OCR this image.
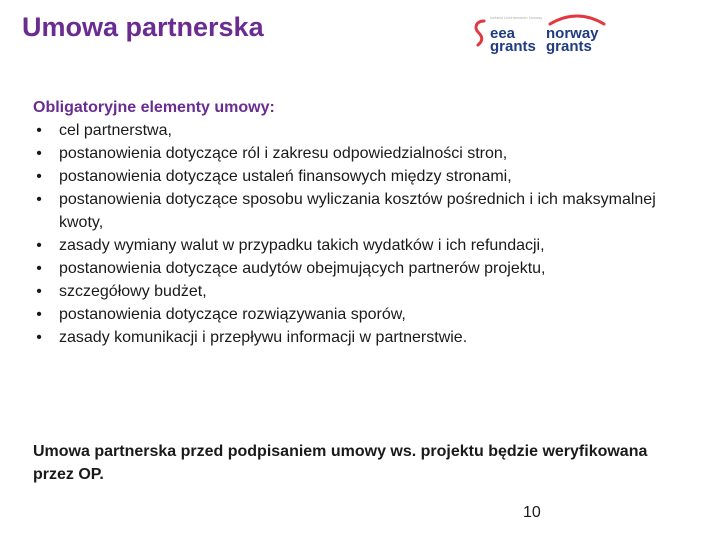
Umowa partnerska	Iceland Liechtenstein Norway
eea
grants
norway
grants
Obligatoryjne elementy umowy:
• cel partnerstwa,
• postanowienia dotyczące ról i zakresu odpowiedzialności stron,
• postanowienia dotyczące ustaleń finansowych między stronami,
• postanowienia dotyczące sposobu wyliczania kosztów pośrednich i ich maksymalnej kwoty,
• zasady wymiany walut w przypadku takich wydatków i ich refundacji,
• postanowienia dotyczące audytów obejmujących partnerów projektu,
• szczegółowy budżet,
• postanowienia dotyczące rozwiązywania sporów,
• zasady komunikacji i przepływu informacji w partnerstwie.
Umowa partnerska przed podpisaniem umowy ws. projektu będzie weryfikowana przez OP.
10
